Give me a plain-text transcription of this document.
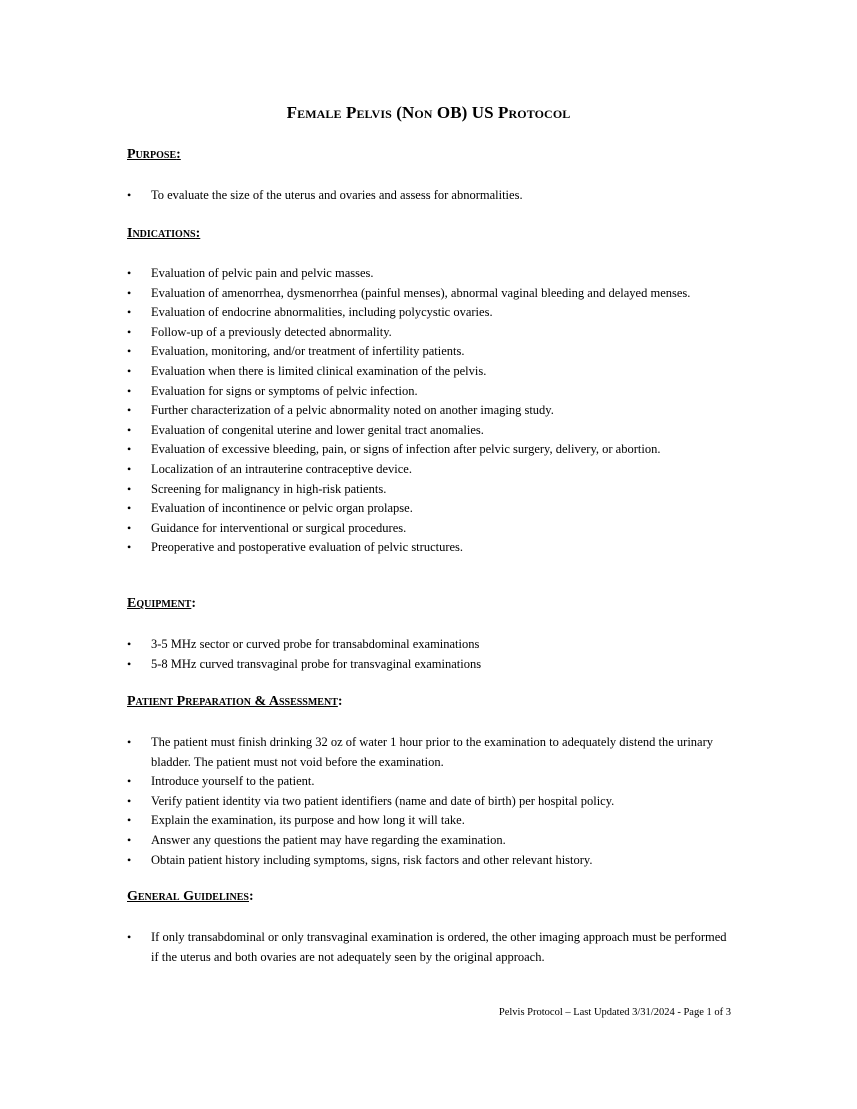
Female Pelvis (Non OB) US Protocol
Purpose:
• To evaluate the size of the uterus and ovaries and assess for abnormalities.
Indications:
• Evaluation of pelvic pain and pelvic masses.
• Evaluation of amenorrhea, dysmenorrhea (painful menses), abnormal vaginal bleeding and delayed menses.
• Evaluation of endocrine abnormalities, including polycystic ovaries.
• Follow-up of a previously detected abnormality.
• Evaluation, monitoring, and/or treatment of infertility patients.
• Evaluation when there is limited clinical examination of the pelvis.
• Evaluation for signs or symptoms of pelvic infection.
• Further characterization of a pelvic abnormality noted on another imaging study.
• Evaluation of congenital uterine and lower genital tract anomalies.
• Evaluation of excessive bleeding, pain, or signs of infection after pelvic surgery, delivery, or abortion.
• Localization of an intrauterine contraceptive device.
• Screening for malignancy in high-risk patients.
• Evaluation of incontinence or pelvic organ prolapse.
• Guidance for interventional or surgical procedures.
• Preoperative and postoperative evaluation of pelvic structures.
Equipment:
• 3-5 MHz sector or curved probe for transabdominal examinations
• 5-8 MHz curved transvaginal probe for transvaginal examinations
Patient Preparation & Assessment:
• The patient must finish drinking 32 oz of water 1 hour prior to the examination to adequately distend the urinary bladder. The patient must not void before the examination.
• Introduce yourself to the patient.
• Verify patient identity via two patient identifiers (name and date of birth) per hospital policy.
• Explain the examination, its purpose and how long it will take.
• Answer any questions the patient may have regarding the examination.
• Obtain patient history including symptoms, signs, risk factors and other relevant history.
General Guidelines:
• If only transabdominal or only transvaginal examination is ordered, the other imaging approach must be performed if the uterus and both ovaries are not adequately seen by the original approach.
Pelvis Protocol – Last Updated 3/31/2024 - Page 1 of 3
